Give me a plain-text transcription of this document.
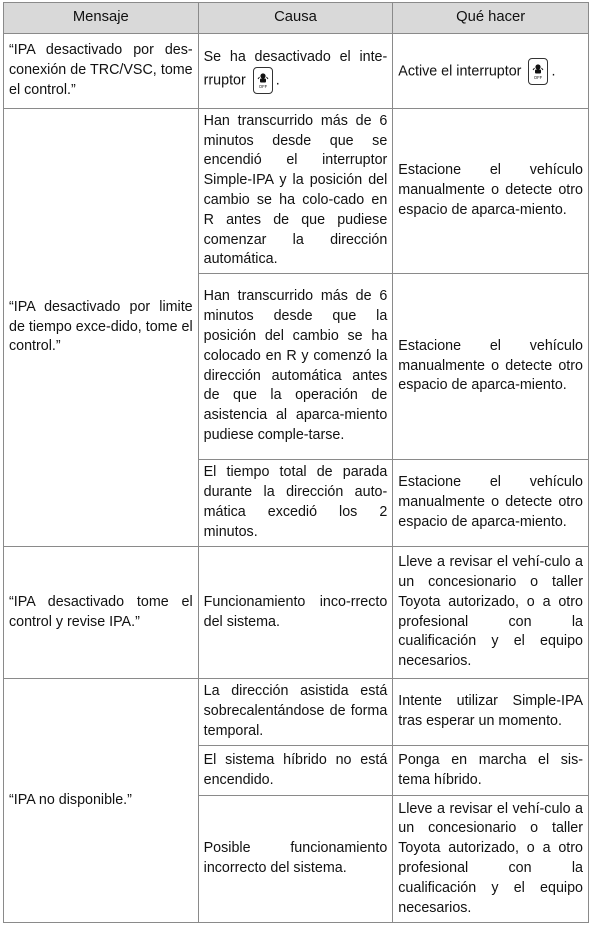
Mensaje	Causa	Qué hacer
“IPA desactivado por des-conexión de TRC/VSC, tome el control.”	Se ha desactivado el inte-rruptor OFF .	Active el interruptor OFF .
“IPA desactivado por limite de tiempo exce-dido, tome el control.”	Han transcurrido más de 6 minutos desde que se encendió el interruptor Simple-IPA y la posición del cambio se ha colo-cado en R antes de que pudiese comenzar la dirección automática.	Estacione el vehículo manualmente o detecte otro espacio de aparca-miento.
	Han transcurrido más de 6 minutos desde que la posición del cambio se ha colocado en R y comenzó la dirección automática antes de que la operación de asistencia al aparca-miento pudiese comple-tarse.	Estacione el vehículo manualmente o detecte otro espacio de aparca-miento.
	El tiempo total de parada durante la dirección auto-mática excedió los 2 minutos.	Estacione el vehículo manualmente o detecte otro espacio de aparca-miento.
“IPA desactivado tome el control y revise IPA.”	Funcionamiento inco-rrecto del sistema.	Lleve a revisar el vehí-culo a un concesionario o taller Toyota autorizado, o a otro profesional con la cualificación y el equipo necesarios.
“IPA no disponible.”	La dirección asistida está sobrecalentándose de forma temporal.	Intente utilizar Simple-IPA tras esperar un momento.
	El sistema híbrido no está encendido.	Ponga en marcha el sis-tema híbrido.
	Posible funcionamiento incorrecto del sistema.	Lleve a revisar el vehí-culo a un concesionario o taller Toyota autorizado, o a otro profesional con la cualificación y el equipo necesarios.
